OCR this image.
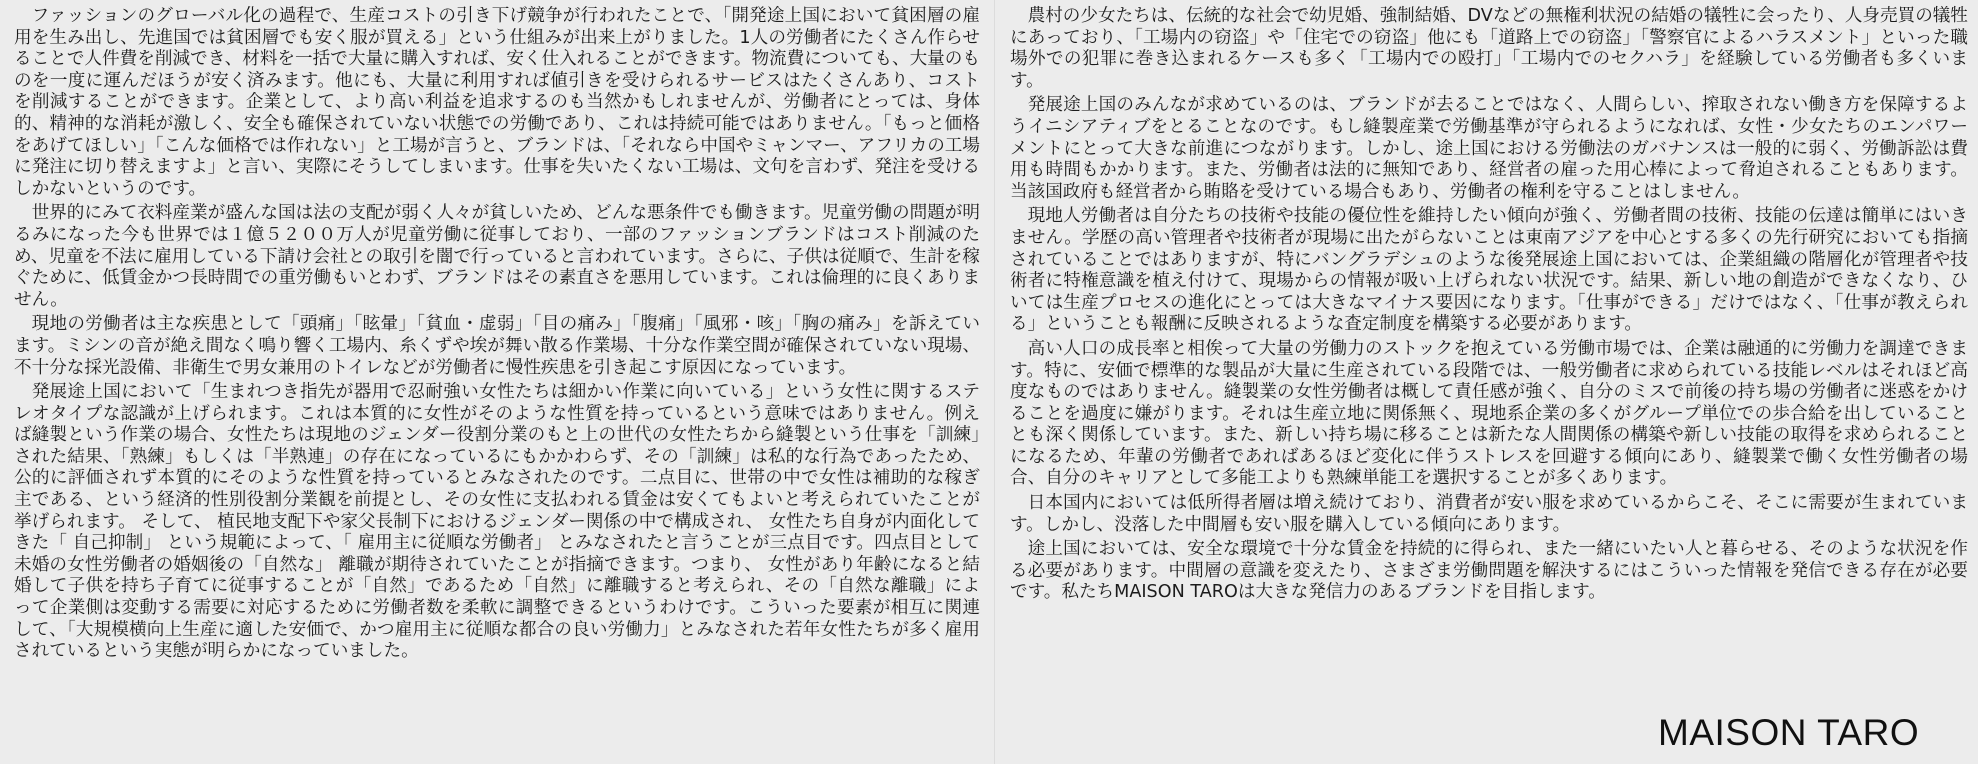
ファッションのグローバル化の過程で、生産コストの引き下げ競争が行われたことで、「開発途上国において貧困層の雇用を生み出し、先進国では貧困層でも安く服が買える」という仕組みが出来上がりました。1人の労働者にたくさん作らせることで人件費を削減でき、材料を一括で大量に購入すれば、安く仕入れることができます。物流費についても、大量のものを一度に運んだほうが安く済みます。他にも、大量に利用すれば値引きを受けられるサービスはたくさんあり、コストを削減することができます。企業として、より高い利益を追求するのも当然かもしれませんが、労働者にとっては、身体的、精神的な消耗が激しく、安全も確保されていない状態での労働であり、これは持続可能ではありません。「もっと価格をあげてほしい」「こんな価格では作れない」と工場が言うと、ブランドは、「それなら中国やミャンマー、アフリカの工場に発注に切り替えますよ」と言い、実際にそうしてしまいます。仕事を失いたくない工場は、文句を言わず、発注を受けるしかないというのです。

世界的にみて衣料産業が盛んな国は法の支配が弱く人々が貧しいため、どんな悪条件でも働きます。児童労働の問題が明るみになった今も世界では１億５２００万人が児童労働に従事しており、一部のファッションブランドはコスト削減のため、児童を不法に雇用している下請け会社との取引を闇で行っていると言われています。さらに、子供は従順で、生計を稼ぐために、低賃金かつ長時間での重労働もいとわず、ブランドはその素直さを悪用しています。これは倫理的に良くありません。

現地の労働者は主な疾患として「頭痛」「眩暈」「貧血・虚弱」「目の痛み」「腹痛」「風邪・咳」「胸の痛み」を訴えています。ミシンの音が絶え間なく鳴り響く工場内、糸くずや埃が舞い散る作業場、十分な作業空間が確保されていない現場、不十分な採光設備、非衛生で男女兼用のトイレなどが労働者に慢性疾患を引き起こす原因になっています。

発展途上国において「生まれつき指先が器用で忍耐強い女性たちは細かい作業に向いている」という女性に関するステレオタイプな認識が上げられます。これは本質的に女性がそのような性質を持っているという意味ではありません。例えば縫製という作業の場合、女性たちは現地のジェンダー役割分業のもと上の世代の女性たちから縫製という仕事を「訓練」された結果、「熟練」もしくは「半熟連」の存在になっているにもかかわらず、その「訓練」は私的な行為であったため、公的に評価されず本質的にそのような性質を持っているとみなされたのです。二点目に、世帯の中で女性は補助的な稼ぎ主である、という経済的性別役割分業観を前提とし、その女性に支払われる賃金は安くてもよいと考えられていたことが挙げられます。 そして、 植民地支配下や家父長制下におけるジェンダー関係の中で構成され、 女性たち自身が内面化してきた「 自己抑制」 という規範によって、「 雇用主に従順な労働者」 とみなされたと言うことが三点目です。四点目として未婚の女性労働者の婚姻後の「自然な」 離職が期待されていたことが指摘できます。つまり、 女性があり年齢になると結婚して子供を持ち子育てに従事することが「自然」であるため「自然」に離職すると考えられ、その「自然な離職」によって企業側は変動する需要に対応するために労働者数を柔軟に調整できるというわけです。こういった要素が相互に関連して、「大規模横向上生産に適した安価で、かつ雇用主に従順な都合の良い労働力」とみなされた若年女性たちが多く雇用されているという実態が明らかになっていました。

農村の少女たちは、伝統的な社会で幼児婚、強制結婚、DVなどの無権利状況の結婚の犠牲に会ったり、人身売買の犠牲にあっており、「工場内の窃盗」や「住宅での窃盗」他にも「道路上での窃盗」「警察官によるハラスメント」といった職場外での犯罪に巻き込まれるケースも多く「工場内での殴打」「工場内でのセクハラ」を経験している労働者も多くいます。

発展途上国のみんなが求めているのは、ブランドが去ることではなく、人間らしい、搾取されない働き方を保障するようイニシアティブをとることなのです。もし縫製産業で労働基準が守られるようになれば、女性・少女たちのエンパワーメントにとって大きな前進につながります。しかし、途上国における労働法のガバナンスは一般的に弱く、労働訴訟は費用も時間もかかります。また、労働者は法的に無知であり、経営者の雇った用心棒によって脅迫されることもあります。当該国政府も経営者から賄賂を受けている場合もあり、労働者の権利を守ることはしません。

現地人労働者は自分たちの技術や技能の優位性を維持したい傾向が強く、労働者間の技術、技能の伝達は簡単にはいきません。学歴の高い管理者や技術者が現場に出たがらないことは東南アジアを中心とする多くの先行研究においても指摘されていることではありますが、特にバングラデシュのような後発展途上国においては、企業組織の階層化が管理者や技術者に特権意識を植え付けて、現場からの情報が吸い上げられない状況です。結果、新しい地の創造ができなくなり、ひいては生産プロセスの進化にとっては大きなマイナス要因になります。「仕事ができる」だけではなく、「仕事が教えられる」ということも報酬に反映されるような査定制度を構築する必要があります。

高い人口の成長率と相俟って大量の労働力のストックを抱えている労働市場では、企業は融通的に労働力を調達できます。特に、安価で標準的な製品が大量に生産されている段階では、一般労働者に求められている技能レベルはそれほど高度なものではありません。縫製業の女性労働者は概して責任感が強く、自分のミスで前後の持ち場の労働者に迷惑をかけることを過度に嫌がります。それは生産立地に関係無く、現地系企業の多くがグループ単位での歩合給を出していることとも深く関係しています。また、新しい持ち場に移ることは新たな人間関係の構築や新しい技能の取得を求められることになるため、年輩の労働者であればあるほど変化に伴うストレスを回避する傾向にあり、縫製業で働く女性労働者の場合、自分のキャリアとして多能工よりも熟練単能工を選択することが多くあります。

日本国内においては低所得者層は増え続けており、消費者が安い服を求めているからこそ、そこに需要が生まれています。しかし、没落した中間層も安い服を購入している傾向にあります。

途上国においては、安全な環境で十分な賃金を持続的に得られ、また一緒にいたい人と暮らせる、そのような状況を作る必要があります。中間層の意識を変えたり、さまざま労働問題を解決するにはこういった情報を発信できる存在が必要です。私たちMAISON TAROは大きな発信力のあるブランドを目指します。

MAISON TARO
